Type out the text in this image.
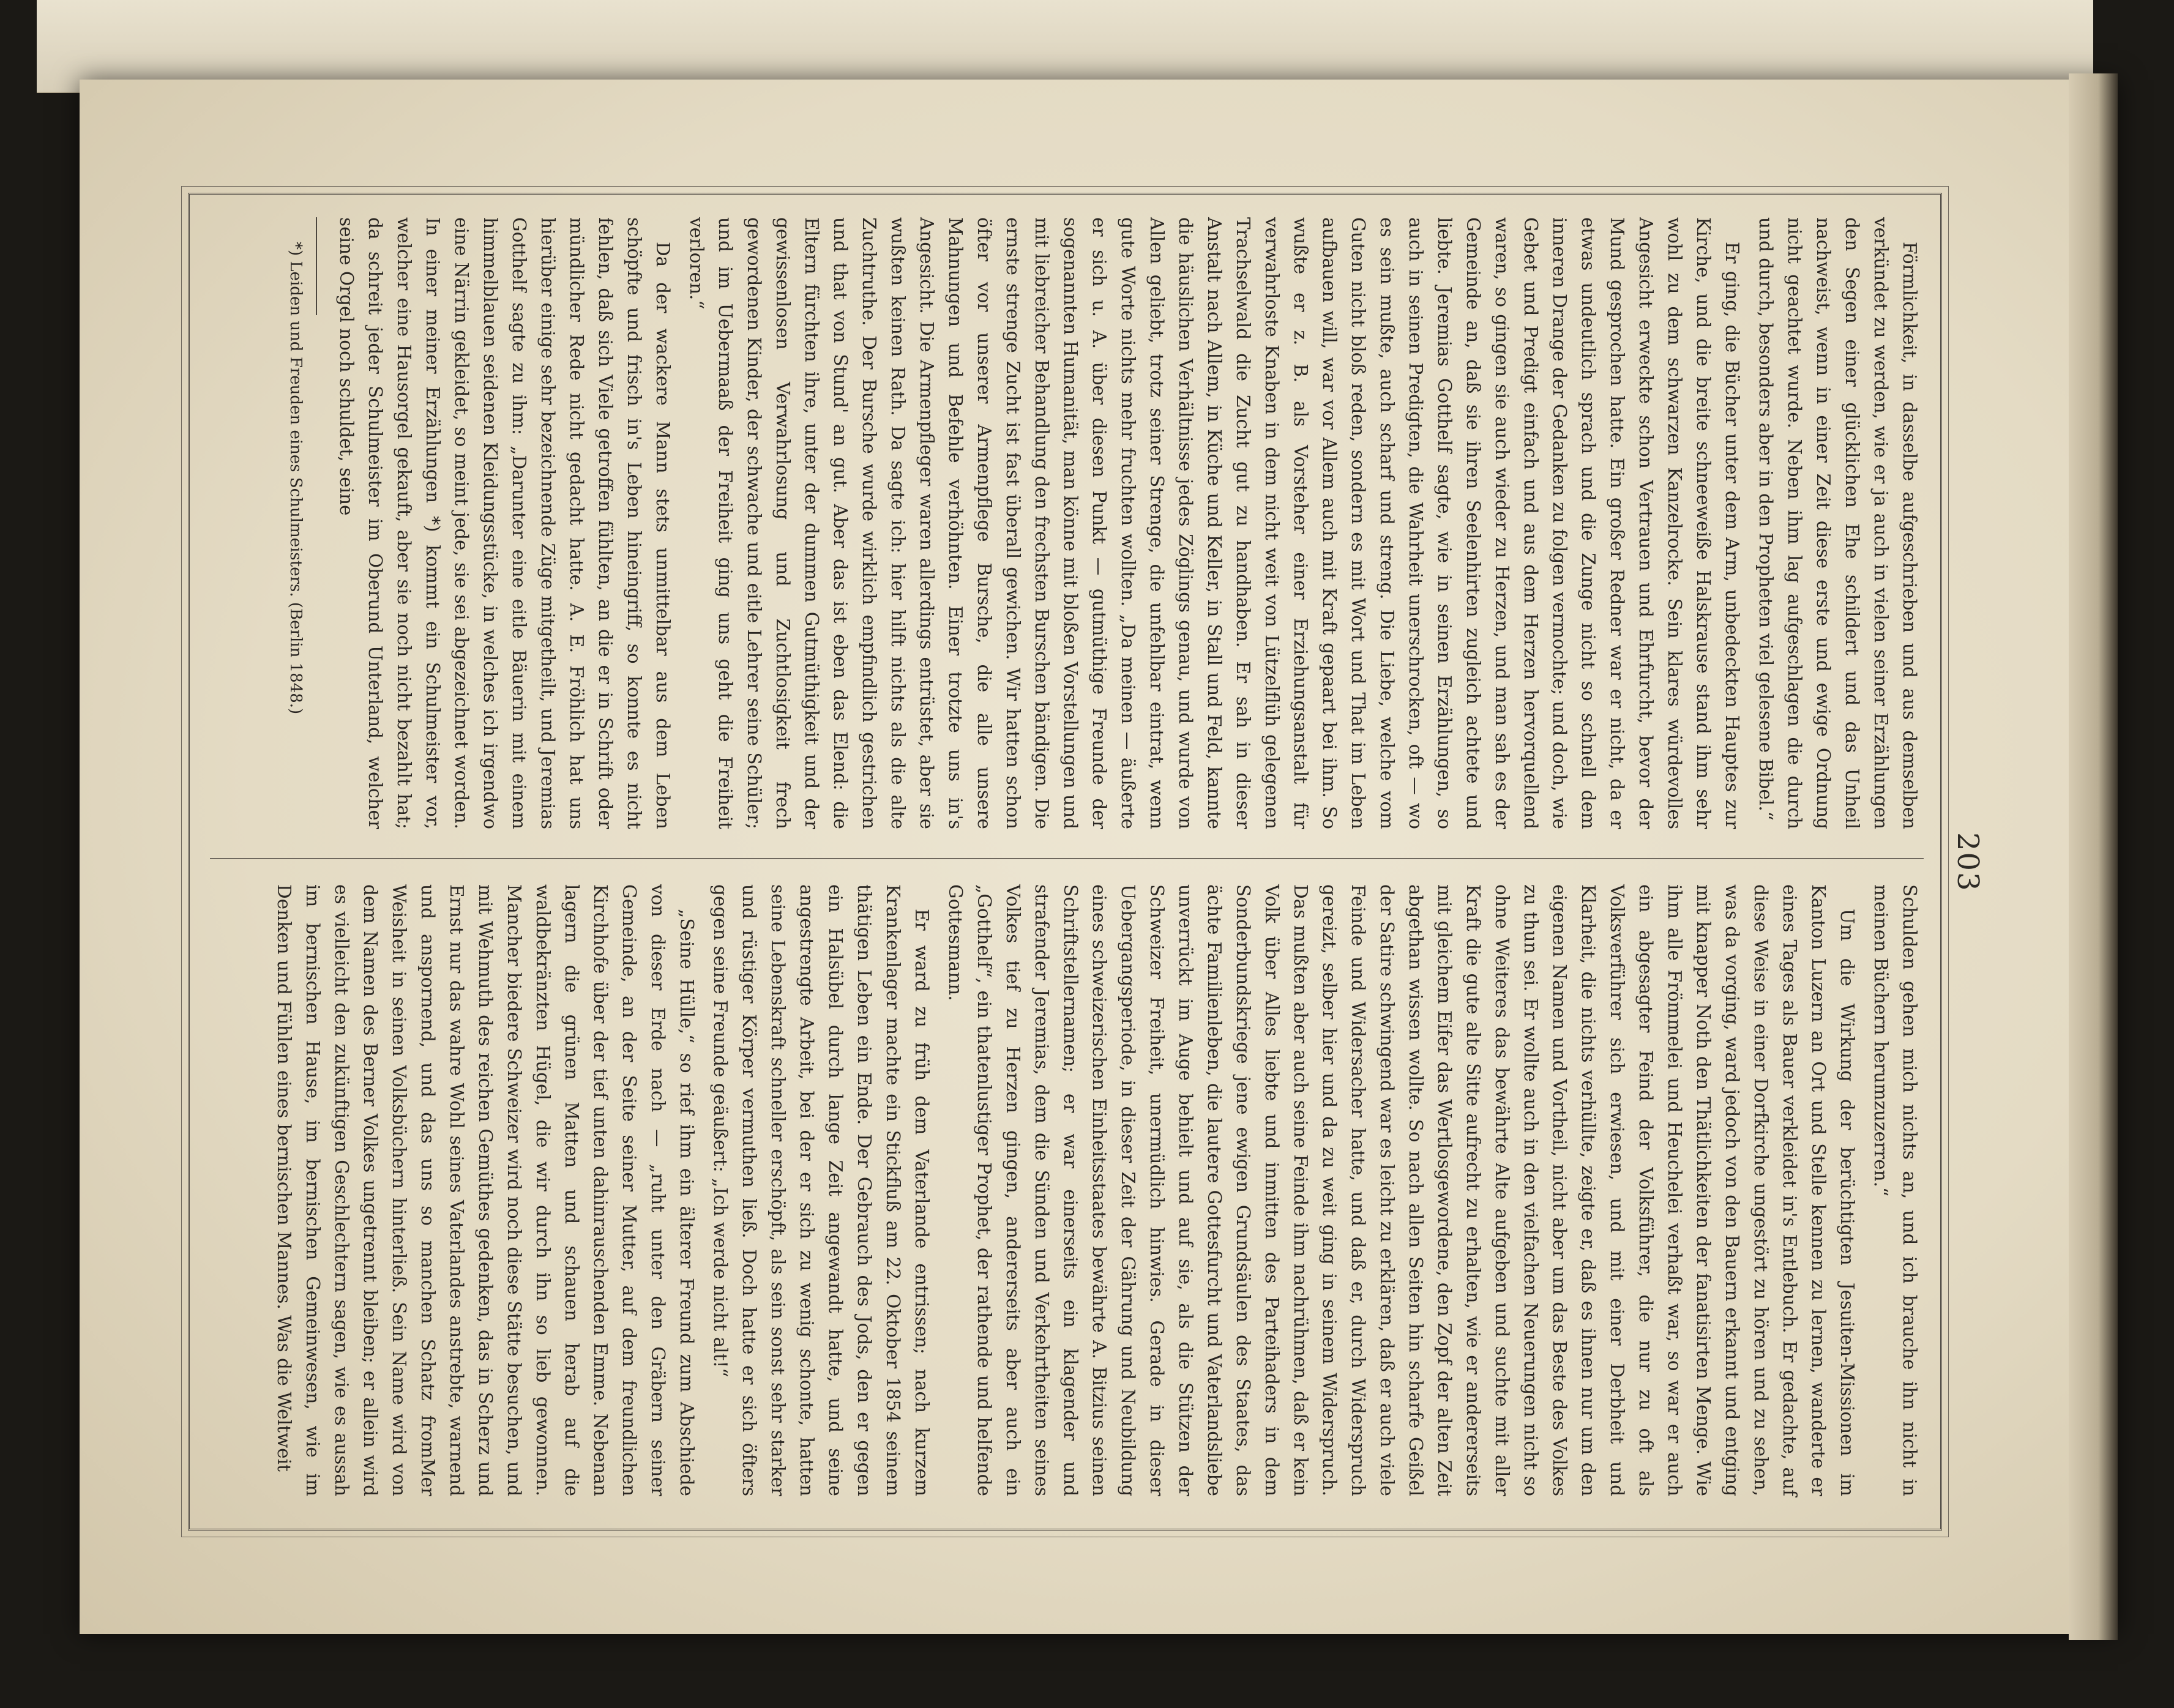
203

Förmlichkeit, in dasselbe aufgeschrieben und aus demselben verkündet zu werden, wie er ja auch in vielen seiner Erzählungen den Segen einer glücklichen Ehe schildert und das Unheil nachweist, wenn in einer Zeit diese erste und ewige Ordnung nicht geachtet wurde. Neben ihm lag aufgeschlagen die durch und durch, besonders aber in den Propheten viel gelesene Bibel.“

Er ging, die Bücher unter dem Arm, unbedeckten Hauptes zur Kirche, und die breite schneeweiße Halskrause stand ihm sehr wohl zu dem schwarzen Kanzelrocke. Sein klares würdevolles Angesicht erweckte schon Vertrauen und Ehrfurcht, bevor der Mund gesprochen hatte. Ein großer Redner war er nicht, da er etwas undeutlich sprach und die Zunge nicht so schnell dem inneren Drange der Gedanken zu folgen vermochte; und doch, wie Gebet und Predigt einfach und aus dem Herzen hervorquellend waren, so gingen sie auch wieder zu Herzen, und man sah es der Gemeinde an, daß sie ihren Seelenhirten zugleich achtete und liebte. Jeremias Gotthelf sagte, wie in seinen Erzählungen, so auch in seinen Predigten, die Wahrheit unerschrocken, oft — wo es sein mußte, auch scharf und streng. Die Liebe, welche vom Guten nicht bloß reden, sondern es mit Wort und That im Leben aufbauen will, war vor Allem auch mit Kraft gepaart bei ihm. So wußte er z. B. als Vorsteher einer Erziehungsanstalt für verwahrloste Knaben in dem nicht weit von Lützelflüh gelegenen Trachselwald die Zucht gut zu handhaben. Er sah in dieser Anstalt nach Allem, in Küche und Keller, in Stall und Feld, kannte die häuslichen Verhältnisse jedes Zöglings genau, und wurde von Allen geliebt, trotz seiner Strenge, die unfehlbar eintrat, wenn gute Worte nichts mehr fruchten wollten. „Da meinen — äußerte er sich u. A. über diesen Punkt — gutmüthige Freunde der sogenannten Humanität, man könne mit bloßen Vorstellungen und mit liebreicher Behandlung den frechsten Burschen bändigen. Die ernste strenge Zucht ist fast überall gewichen. Wir hatten schon öfter vor unserer Armenpflege Bursche, die alle unsere Mahnungen und Befehle verhöhnten. Einer trotzte uns in's Angesicht. Die Armenpfleger waren allerdings entrüstet, aber sie wußten keinen Rath. Da sagte ich: hier hilft nichts als die alte Zuchtruthe. Der Bursche wurde wirklich empfindlich gestrichen und that von Stund' an gut. Aber das ist eben das Elend: die Eltern fürchten ihre, unter der dummen Gutmüthigkeit und der gewissenlosen Verwahrlosung und Zuchtlosigkeit frech gewordenen Kinder, der schwache und eitle Lehrer seine Schüler; und im Uebermaaß der Freiheit ging uns geht die Freiheit verloren.“

Da der wackere Mann stets unmittelbar aus dem Leben schöpfte und frisch in's Leben hineingriff, so konnte es nicht fehlen, daß sich Viele getroffen fühlten, an die er in Schrift oder mündlicher Rede nicht gedacht hatte. A. E. Fröhlich hat uns hierüber einige sehr bezeichnende Züge mitgetheilt, und Jeremias Gotthelf sagte zu ihm: „Darunter eine eitle Bäuerin mit einem himmelblauen seidenen Kleidungsstücke, in welches ich irgendwo eine Närrin gekleidet, so meint jede, sie sei abgezeichnet worden. In einer meiner Erzählungen *) kommt ein Schulmeister vor, welcher eine Hausorgel gekauft, aber sie noch nicht bezahlt hat; da schreit jeder Schulmeister im Oberund Unterland, welcher seine Orgel noch schuldet, seine

*) Leiden und Freuden eines Schulmeisters. (Berlin 1848.)

Schulden gehen mich nichts an, und ich brauche ihn nicht in meinen Büchern herumzuzerren.“

Um die Wirkung der berüchtigten Jesuiten-Missionen im Kanton Luzern an Ort und Stelle kennen zu lernen, wanderte er eines Tages als Bauer verkleidet in's Entlebuch. Er gedachte, auf diese Weise in einer Dorfkirche ungestört zu hören und zu sehen, was da vorging, ward jedoch von den Bauern erkannt und entging mit knapper Noth den Thätlichkeiten der fanatisirten Menge. Wie ihm alle Frömmelei und Heuchelei verhaßt war, so war er auch ein abgesagter Feind der Volksführer, die nur zu oft als Volksverführer sich erwiesen, und mit einer Derbheit und Klarheit, die nichts verhüllte, zeigte er, daß es ihnen nur um den eigenen Namen und Vortheil, nicht aber um das Beste des Volkes zu thun sei. Er wollte auch in den vielfachen Neuerungen nicht so ohne Weiteres das bewährte Alte aufgeben und suchte mit aller Kraft die gute alte Sitte aufrecht zu erhalten, wie er andererseits mit gleichem Eifer das Wertlosgewordene, den Zopf der alten Zeit abgethan wissen wollte. So nach allen Seiten hin scharfe Geißel der Satire schwingend war es leicht zu erklären, daß er auch viele Feinde und Widersacher hatte, und daß er, durch Widerspruch gereizt, selber hier und da zu weit ging in seinem Widerspruch. Das mußten aber auch seine Feinde ihm nachrühmen, daß er kein Volk über Alles liebte und inmitten des Parteihaders in dem Sonderbundskriege jene ewigen Grundsäulen des Staates, das ächte Familienleben, die lautere Gottesfurcht und Vaterlandsliebe unverrückt im Auge behielt und auf sie, als die Stützen der Schweizer Freiheit, unermüdlich hinwies. Gerade in dieser Uebergangsperiode, in dieser Zeit der Gährung und Neubildung eines schweizerischen Einheitsstaates bewährte A. Bitzius seinen Schriftstellernamen; er war einerseits ein klagender und strafender Jeremias, dem die Sünden und Verkehrtheiten seines Volkes tief zu Herzen gingen, andererseits aber auch ein „Gotthelf“, ein thatenlustiger Prophet, der rathende und helfende Gottesmann.

Er ward zu früh dem Vaterlande entrissen; nach kurzem Krankenlager machte ein Stickfluß am 22. Oktober 1854 seinem thätigen Leben ein Ende. Der Gebrauch des Jods, den er gegen ein Halsübel durch lange Zeit angewandt hatte, und seine angestrengte Arbeit, bei der er sich zu wenig schonte, hatten seine Lebenskraft schneller erschöpft, als sein sonst sehr starker und rüstiger Körper vermuthen ließ. Doch hatte er sich öfters gegen seine Freunde geäußert: „Ich werde nicht alt!“

„Seine Hülle,“ so rief ihm ein älterer Freund zum Abschiede von dieser Erde nach — „ruht unter den Gräbern seiner Gemeinde, an der Seite seiner Mutter, auf dem freundlichen Kirchhofe über der tief unten dahinrauschenden Emme. Nebenan lagern die grünen Matten und schauen herab auf die waldbekränzten Hügel, die wir durch ihn so lieb gewonnen. Mancher biedere Schweizer wird noch diese Stätte besuchen, und mit Wehmuth des reichen Gemüthes gedenken, das in Scherz und Ernst nur das wahre Wohl seines Vaterlandes anstrebte, warnend und anspornend, und das uns so manchen Schatz fromMer Weisheit in seinen Volksbüchern hinterließ. Sein Name wird von dem Namen des Berner Volkes ungetrennt bleiben; er allein wird es vielleicht den zukünftigen Geschlechtern sagen, wie es aussah im bernischen Hause, im bernischen Gemeinwesen, wie im Denken und Fühlen eines bernischen Mannes. Was die Weltweit
